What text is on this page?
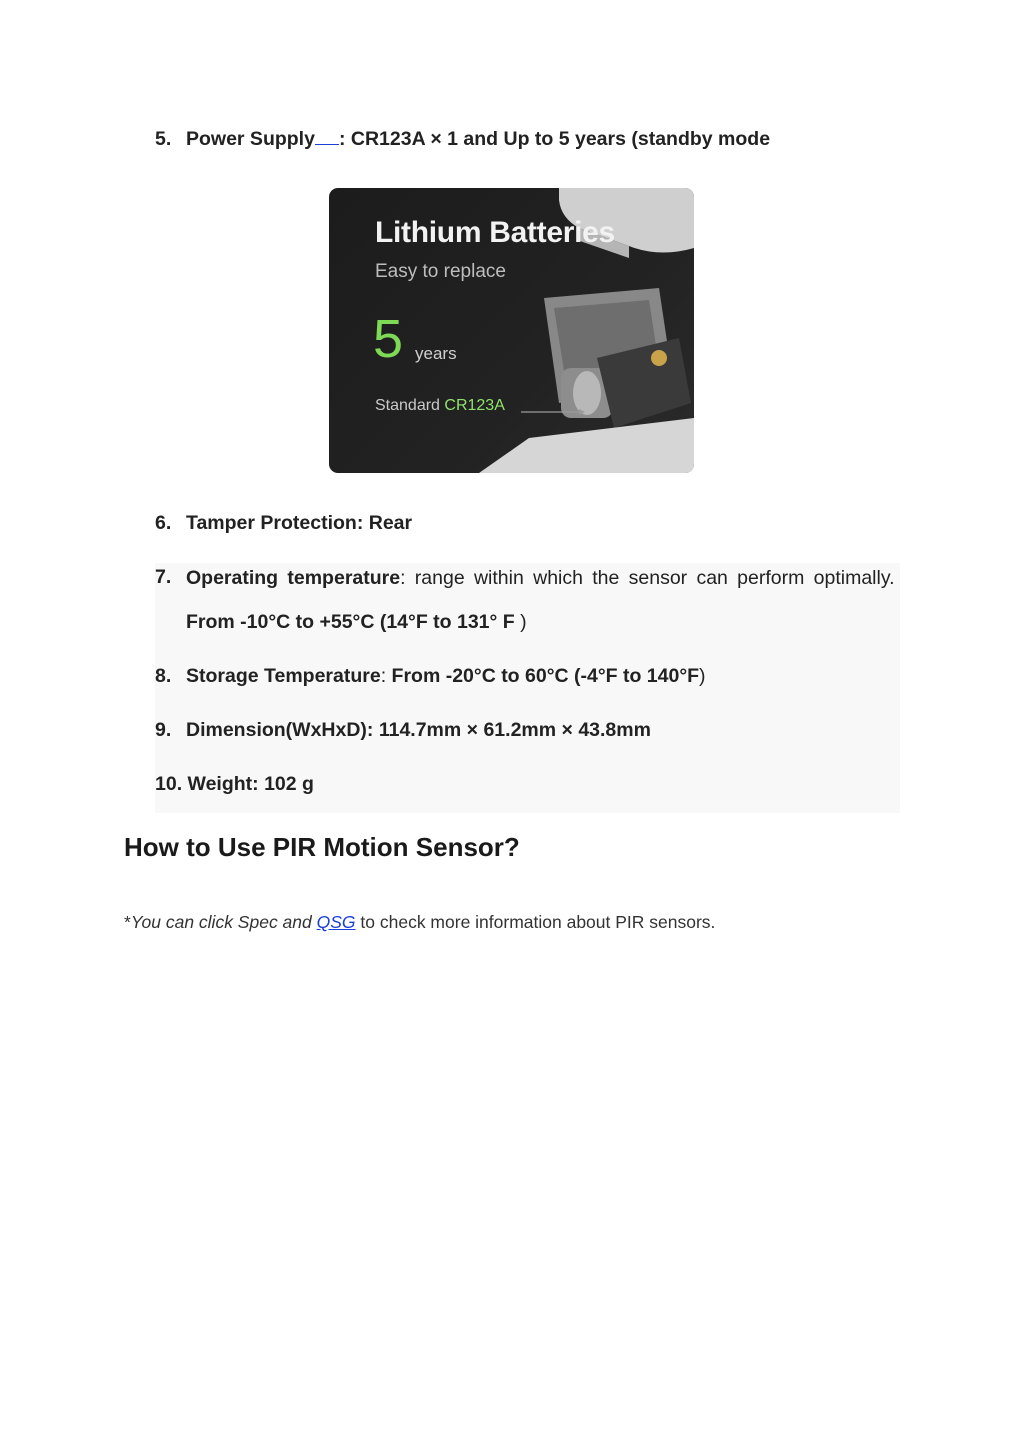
5. Power Supply : CR123A × 1 and Up to 5 years (standby mode
Lithium Batteries
Easy to replace
5 years
Standard CR123A
6. Tamper Protection: Rear
7. Operating temperature: range within which the sensor can perform optimally.  From -10°C to +55°C (14°F to 131° F )
8. Storage Temperature: From -20°C to 60°C (-4°F to 140°F)
9. Dimension(WxHxD): 114.7mm × 61.2mm × 43.8mm
10. Weight: 102 g
How to Use PIR Motion Sensor?
*You can click Spec and QSG to check more information about PIR sensors.
